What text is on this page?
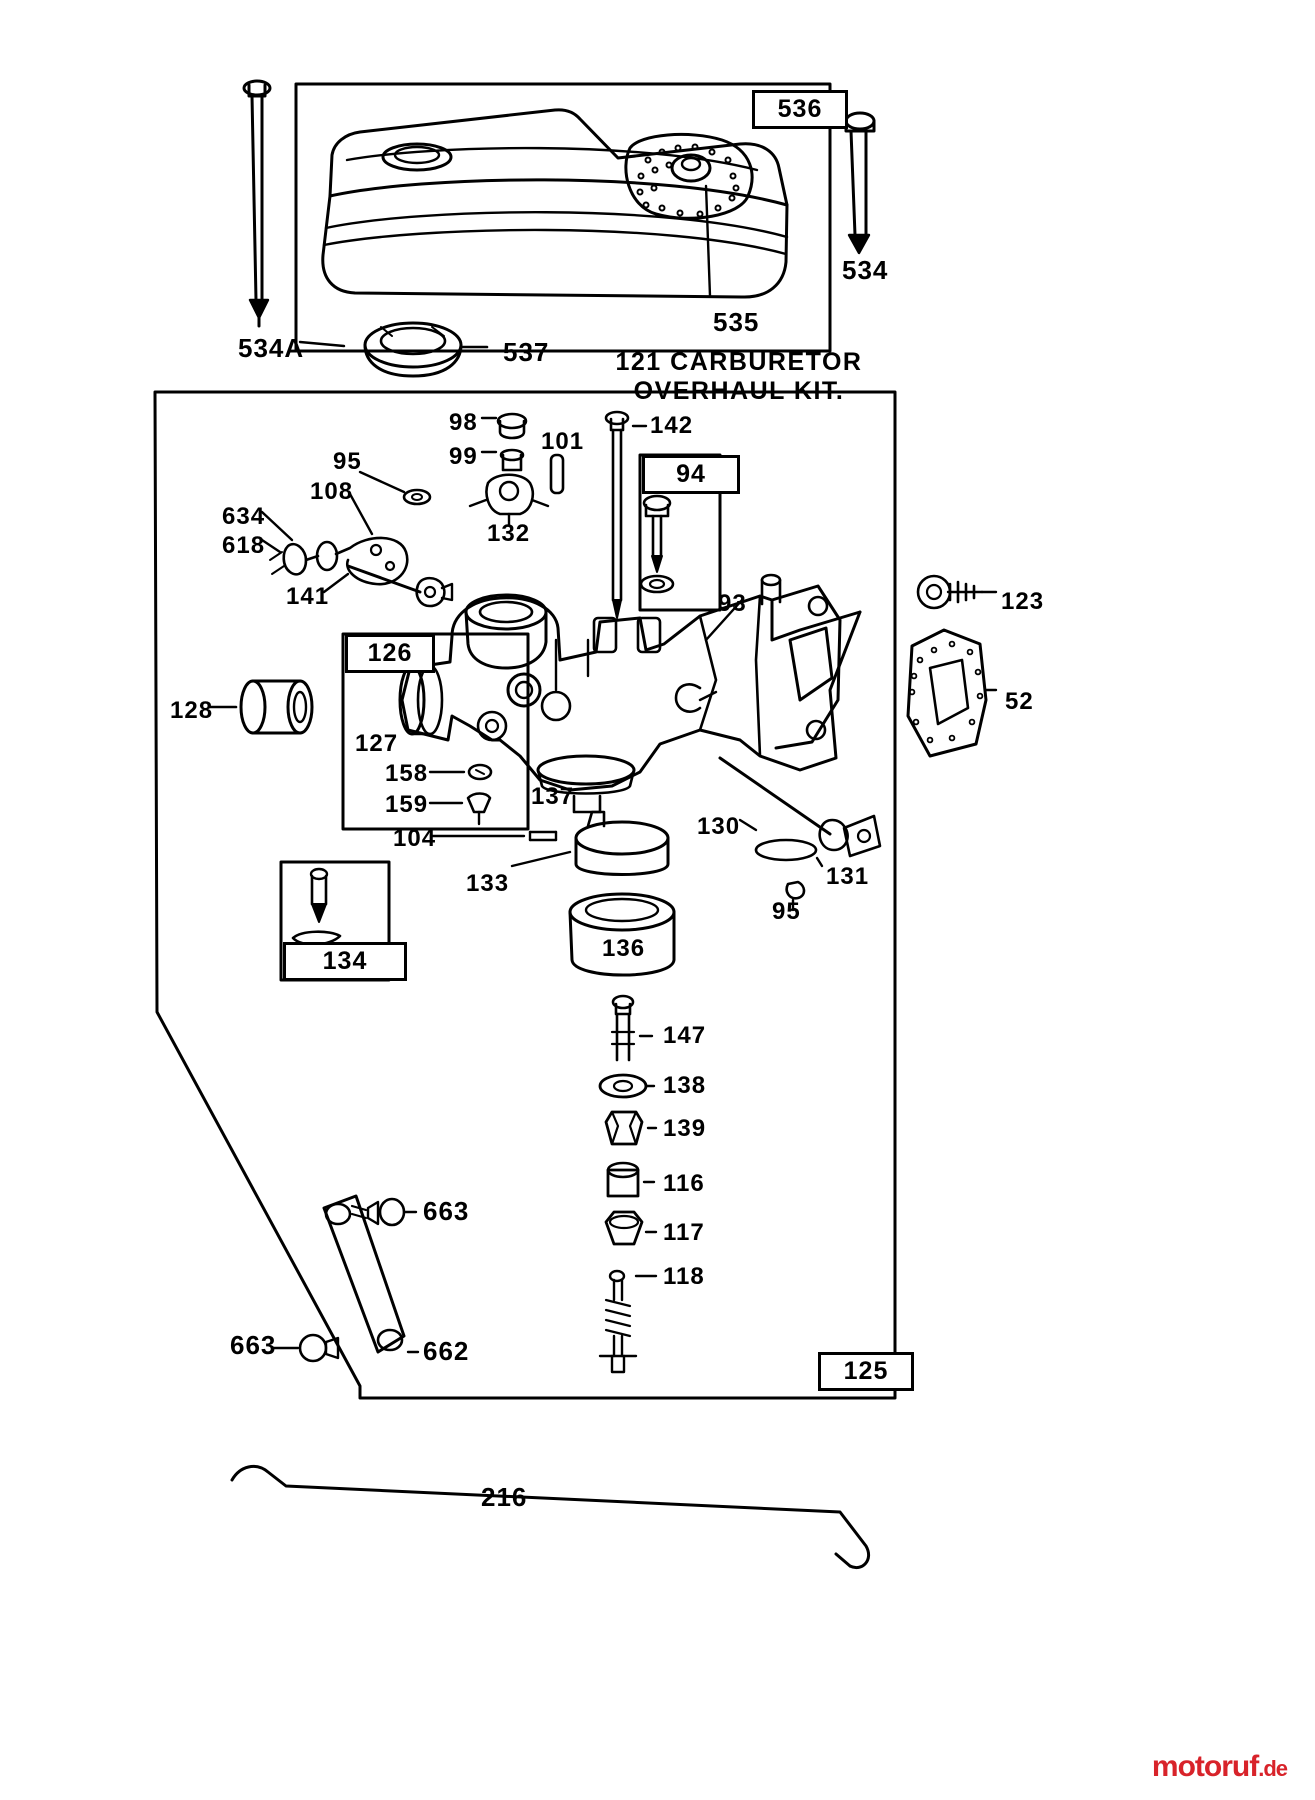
536
94
126
134
125
121 CARBURETOR
OVERHAUL KIT.
534A
534
535
537
98
99
101
142
95
108
132
634
618
141	93	123
52
128
127
158
159	137
104
133
130
131
95
136
147
138
139
116
117
118
663
663	662
216
motoruf.de
